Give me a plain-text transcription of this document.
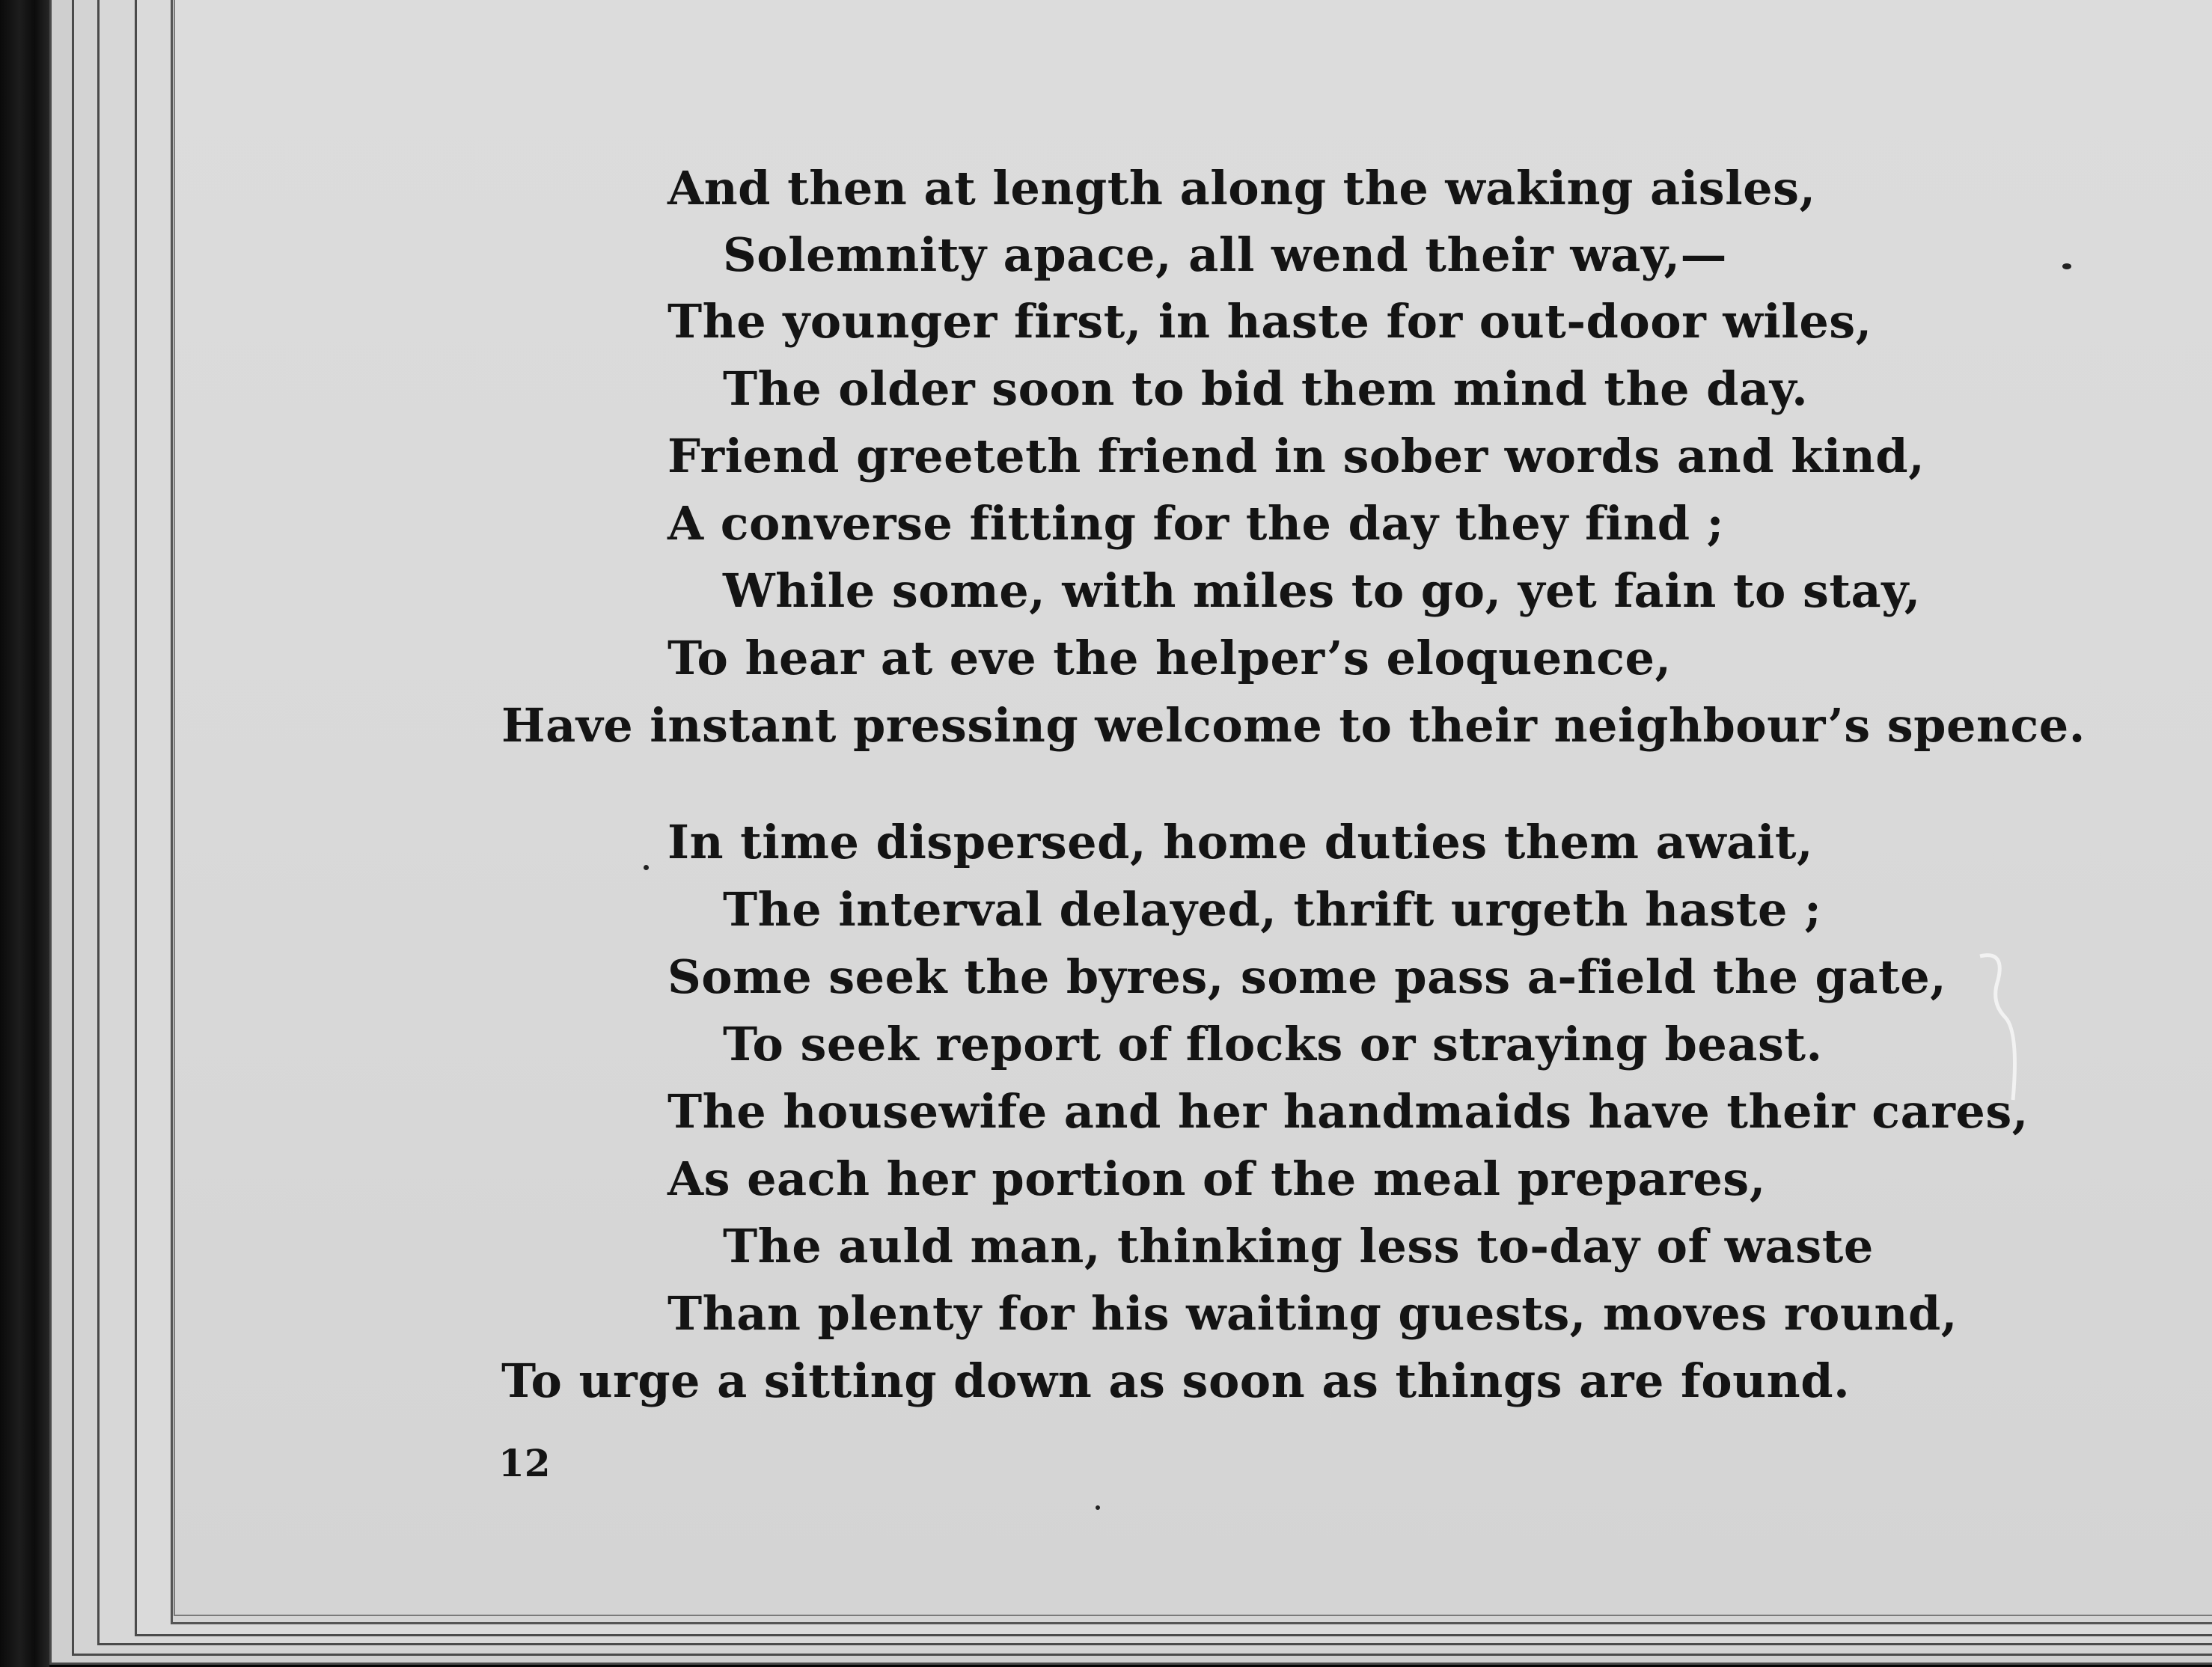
And then at length along the waking aisles,
Solemnity apace, all wend their way,—
The younger first, in haste for out-door wiles,
The older soon to bid them mind the day.
Friend greeteth friend in sober words and kind,
A converse fitting for the day they find ;
While some, with miles to go, yet fain to stay,
To hear at eve the helper’s eloquence,
Have instant pressing welcome to their neighbour’s spence.
In time dispersed, home duties them await,
The interval delayed, thrift urgeth haste ;
Some seek the byres, some pass a-field the gate,
To seek report of flocks or straying beast.
The housewife and her handmaids have their cares,
As each her portion of the meal prepares,
The auld man, thinking less to-day of waste
Than plenty for his waiting guests, moves round,
To urge a sitting down as soon as things are found.
12
